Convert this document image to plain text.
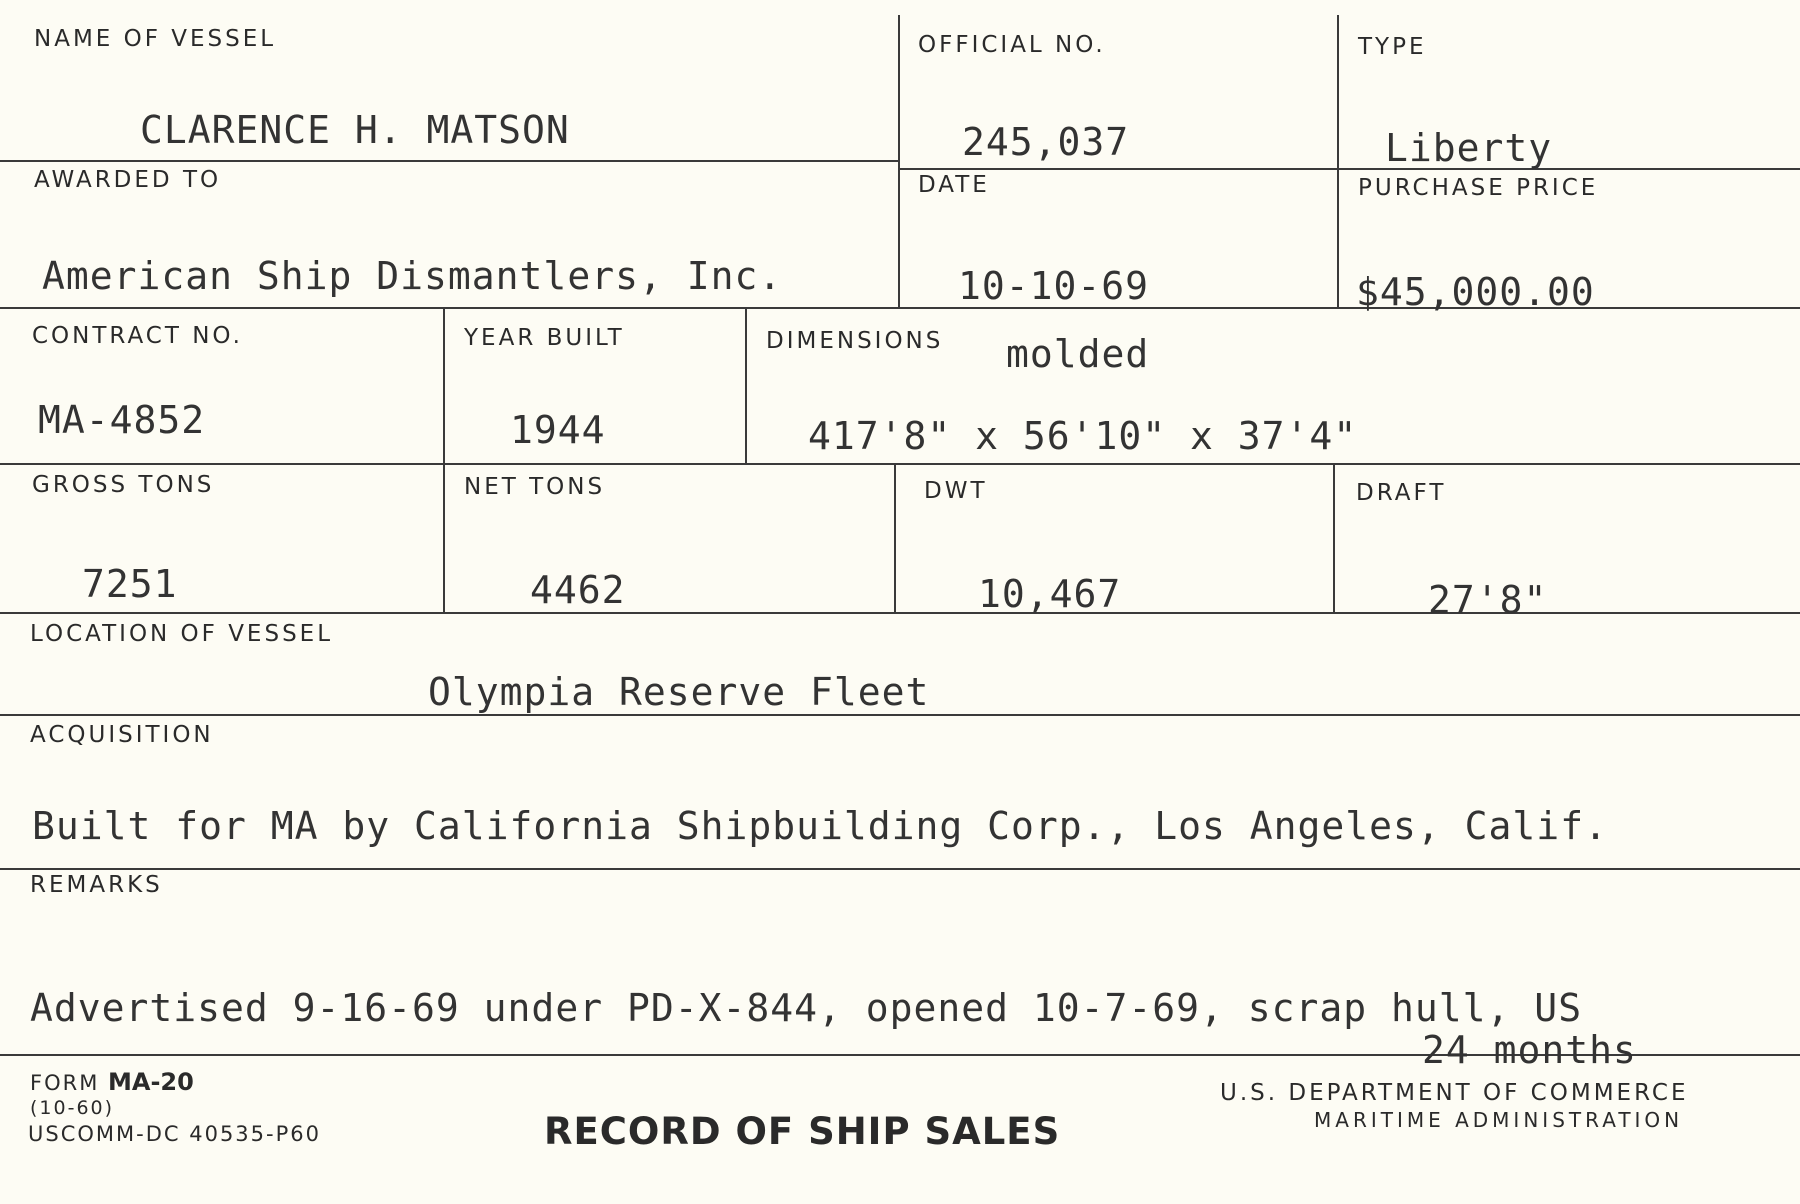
NAME OF VESSEL
CLARENCE H. MATSON
OFFICIAL NO.
245,037
TYPE
Liberty
AWARDED TO
American Ship Dismantlers, Inc.
DATE
10-10-69
PURCHASE PRICE
$45,000.00
CONTRACT NO.
MA-4852
YEAR BUILT
1944
DIMENSIONS molded
417'8" x 56'10" x 37'4"
GROSS TONS
7251
NET TONS
4462
DWT
10,467
DRAFT
27'8"
LOCATION OF VESSEL
Olympia Reserve Fleet
ACQUISITION
Built for MA by California Shipbuilding Corp., Los Angeles, Calif.
REMARKS
Advertised 9-16-69 under PD-X-844, opened 10-7-69, scrap hull, US
24 months
FORM MA-20
(10-60)
USCOMM-DC 40535-P60	RECORD OF SHIP SALES
U.S. DEPARTMENT OF COMMERCE
MARITIME ADMINISTRATION
